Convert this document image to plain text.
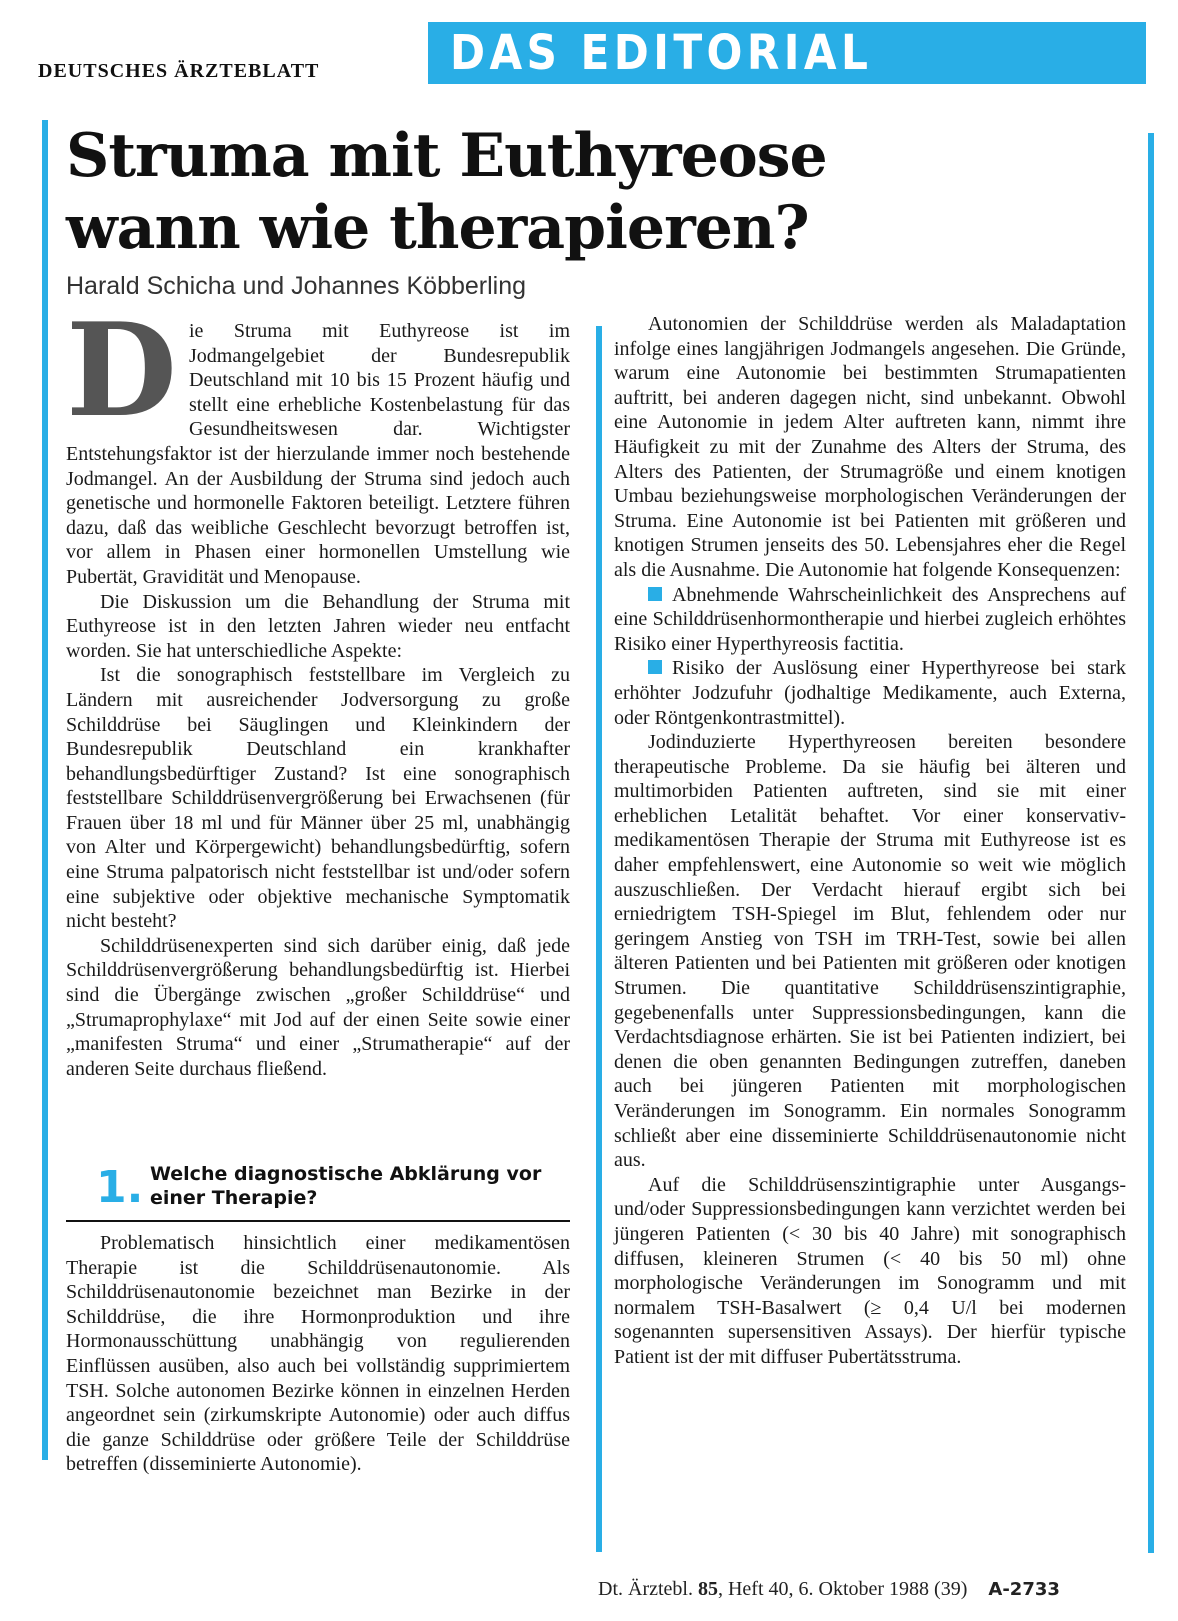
DEUTSCHES ÄRZTEBLATT	DAS EDITORIAL
Struma mit Euthyreose
wann wie therapieren?
Harald Schicha und Johannes Köbberling

Die Struma mit Euthyreose ist im Jodmangelgebiet der Bundesrepublik Deutschland mit 10 bis 15 Prozent häufig und stellt eine erhebliche Kostenbelastung für das Gesundheitswesen dar. Wichtigster Entstehungsfaktor ist der hierzulande immer noch bestehende Jodmangel. An der Ausbildung der Struma sind jedoch auch genetische und hormonelle Faktoren beteiligt. Letztere führen dazu, daß das weibliche Geschlecht bevorzugt betroffen ist, vor allem in Phasen einer hormonellen Umstellung wie Pubertät, Gravidität und Menopause.

Die Diskussion um die Behandlung der Struma mit Euthyreose ist in den letzten Jahren wieder neu entfacht worden. Sie hat unterschiedliche Aspekte:

Ist die sonographisch feststellbare im Vergleich zu Ländern mit ausreichender Jodversorgung zu große Schilddrüse bei Säuglingen und Kleinkindern der Bundesrepublik Deutschland ein krankhafter behandlungsbedürftiger Zustand? Ist eine sonographisch feststellbare Schilddrüsenvergrößerung bei Erwachsenen (für Frauen über 18 ml und für Männer über 25 ml, unabhängig von Alter und Körpergewicht) behandlungsbedürftig, sofern eine Struma palpatorisch nicht feststellbar ist und/oder sofern eine subjektive oder objektive mechanische Symptomatik nicht besteht?

Schilddrüsenexperten sind sich darüber einig, daß jede Schilddrüsenvergrößerung behandlungsbedürftig ist. Hierbei sind die Übergänge zwischen „großer Schilddrüse“ und „Strumaprophylaxe“ mit Jod auf der einen Seite sowie einer „manifesten Struma“ und einer „Strumatherapie“ auf der anderen Seite durchaus fließend.

1. Welche diagnostische Abklärung vor einer Therapie?

Problematisch hinsichtlich einer medikamentösen Therapie ist die Schilddrüsenautonomie. Als Schilddrüsenautonomie bezeichnet man Bezirke in der Schilddrüse, die ihre Hormonproduktion und ihre Hormonausschüttung unabhängig von regulierenden Einflüssen ausüben, also auch bei vollständig supprimiertem TSH. Solche autonomen Bezirke können in einzelnen Herden angeordnet sein (zirkumskripte Autonomie) oder auch diffus die ganze Schilddrüse oder größere Teile der Schilddrüse betreffen (disseminierte Autonomie).

Autonomien der Schilddrüse werden als Maladaptation infolge eines langjährigen Jodmangels angesehen. Die Gründe, warum eine Autonomie bei bestimmten Strumapatienten auftritt, bei anderen dagegen nicht, sind unbekannt. Obwohl eine Autonomie in jedem Alter auftreten kann, nimmt ihre Häufigkeit zu mit der Zunahme des Alters der Struma, des Alters des Patienten, der Strumagröße und einem knotigen Umbau beziehungsweise morphologischen Veränderungen der Struma. Eine Autonomie ist bei Patienten mit größeren und knotigen Strumen jenseits des 50. Lebensjahres eher die Regel als die Ausnahme. Die Autonomie hat folgende Konsequenzen:

Abnehmende Wahrscheinlichkeit des Ansprechens auf eine Schilddrüsenhormontherapie und hierbei zugleich erhöhtes Risiko einer Hyperthyreosis factitia.

Risiko der Auslösung einer Hyperthyreose bei stark erhöhter Jodzufuhr (jodhaltige Medikamente, auch Externa, oder Röntgenkontrastmittel).

Jodinduzierte Hyperthyreosen bereiten besondere therapeutische Probleme. Da sie häufig bei älteren und multimorbiden Patienten auftreten, sind sie mit einer erheblichen Letalität behaftet. Vor einer konservativ-medikamentösen Therapie der Struma mit Euthyreose ist es daher empfehlenswert, eine Autonomie so weit wie möglich auszuschließen. Der Verdacht hierauf ergibt sich bei erniedrigtem TSH-Spiegel im Blut, fehlendem oder nur geringem Anstieg von TSH im TRH-Test, sowie bei allen älteren Patienten und bei Patienten mit größeren oder knotigen Strumen. Die quantitative Schilddrüsenszintigraphie, gegebenenfalls unter Suppressionsbedingungen, kann die Verdachtsdiagnose erhärten. Sie ist bei Patienten indiziert, bei denen die oben genannten Bedingungen zutreffen, daneben auch bei jüngeren Patienten mit morphologischen Veränderungen im Sonogramm. Ein normales Sonogramm schließt aber eine disseminierte Schilddrüsenautonomie nicht aus.

Auf die Schilddrüsenszintigraphie unter Ausgangs- und/oder Suppressionsbedingungen kann verzichtet werden bei jüngeren Patienten (< 30 bis 40 Jahre) mit sonographisch diffusen, kleineren Strumen (< 40 bis 50 ml) ohne morphologische Veränderungen im Sonogramm und mit normalem TSH-Basalwert (≥ 0,4 U/l bei modernen sogenannten supersensitiven Assays). Der hierfür typische Patient ist der mit diffuser Pubertätsstruma.

Dt. Ärztebl. 85, Heft 40, 6. Oktober 1988 (39) A-2733
